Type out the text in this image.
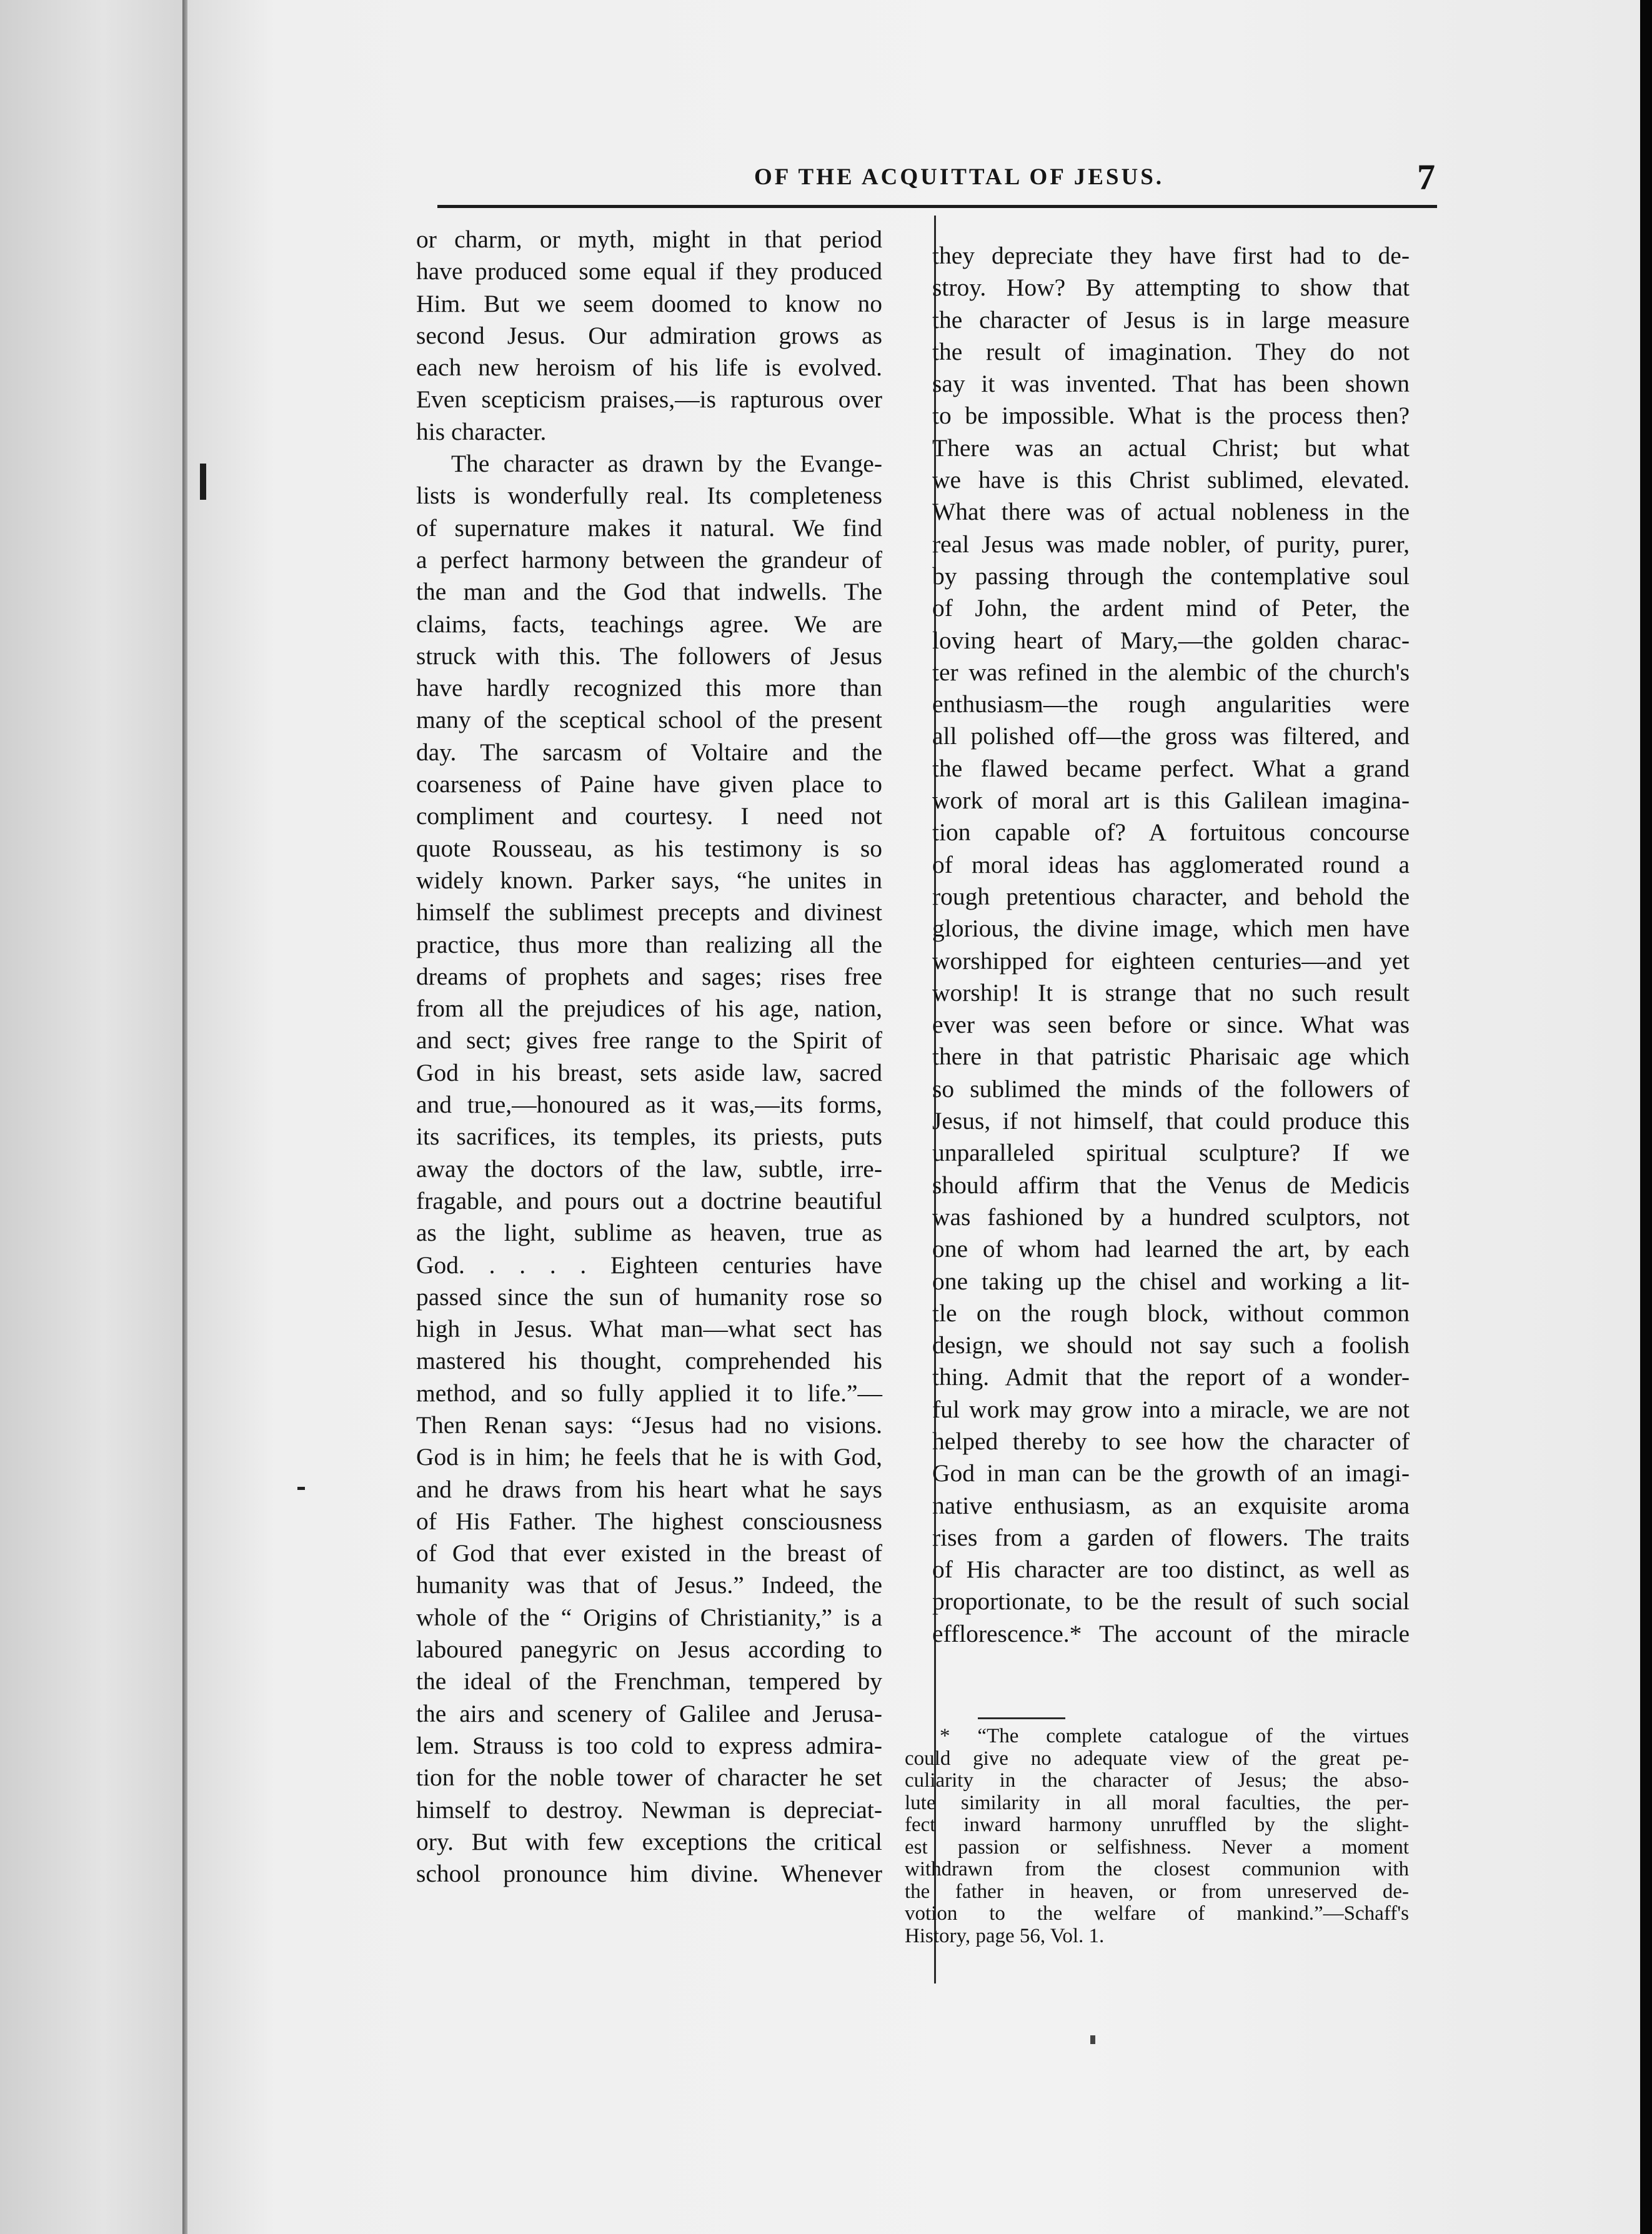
OF THE ACQUITTAL OF JESUS.	7

or charm, or myth, might in that period
have produced some equal if they produced
Him. But we seem doomed to know no
second Jesus. Our admiration grows as
each new heroism of his life is evolved.
Even scepticism praises,—is rapturous over
his character.

The character as drawn by the Evange-
lists is wonderfully real. Its completeness
of supernature makes it natural. We find
a perfect harmony between the grandeur of
the man and the God that indwells. The
claims, facts, teachings agree. We are
struck with this. The followers of Jesus
have hardly recognized this more than
many of the sceptical school of the present
day. The sarcasm of Voltaire and the
coarseness of Paine have given place to
compliment and courtesy. I need not
quote Rousseau, as his testimony is so
widely known. Parker says, “he unites in
himself the sublimest precepts and divinest
practice, thus more than realizing all the
dreams of prophets and sages; rises free
from all the prejudices of his age, nation,
and sect; gives free range to the Spirit of
God in his breast, sets aside law, sacred
and true,—honoured as it was,—its forms,
its sacrifices, its temples, its priests, puts
away the doctors of the law, subtle, irre-
fragable, and pours out a doctrine beautiful
as the light, sublime as heaven, true as
God. . . . . Eighteen centuries have
passed since the sun of humanity rose so
high in Jesus. What man—what sect has
mastered his thought, comprehended his
method, and so fully applied it to life.”—
Then Renan says: “Jesus had no visions.
God is in him; he feels that he is with God,
and he draws from his heart what he says
of His Father. The highest consciousness
of God that ever existed in the breast of
humanity was that of Jesus.” Indeed, the
whole of the “ Origins of Christianity,” is a
laboured panegyric on Jesus according to
the ideal of the Frenchman, tempered by
the airs and scenery of Galilee and Jerusa-
lem. Strauss is too cold to express admira-
tion for the noble tower of character he set
himself to destroy. Newman is depreciat-
ory. But with few exceptions the critical
school pronounce him divine. Whenever

they depreciate they have first had to de-
stroy. How? By attempting to show that
the character of Jesus is in large measure
the result of imagination. They do not
say it was invented. That has been shown
to be impossible. What is the process then?
There was an actual Christ; but what
we have is this Christ sublimed, elevated.
What there was of actual nobleness in the
real Jesus was made nobler, of purity, purer,
by passing through the contemplative soul
of John, the ardent mind of Peter, the
loving heart of Mary,—the golden charac-
ter was refined in the alembic of the church's
enthusiasm—the rough angularities were
all polished off—the gross was filtered, and
the flawed became perfect. What a grand
work of moral art is this Galilean imagina-
tion capable of? A fortuitous concourse
of moral ideas has agglomerated round a
rough pretentious character, and behold the
glorious, the divine image, which men have
worshipped for eighteen centuries—and yet
worship! It is strange that no such result
ever was seen before or since. What was
there in that patristic Pharisaic age which
so sublimed the minds of the followers of
Jesus, if not himself, that could produce this
unparalleled spiritual sculpture? If we
should affirm that the Venus de Medicis
was fashioned by a hundred sculptors, not
one of whom had learned the art, by each
one taking up the chisel and working a lit-
tle on the rough block, without common
design, we should not say such a foolish
thing. Admit that the report of a wonder-
ful work may grow into a miracle, we are not
helped thereby to see how the character of
God in man can be the growth of an imagi-
native enthusiasm, as an exquisite aroma
rises from a garden of flowers. The traits
of His character are too distinct, as well as
proportionate, to be the result of such social
efflorescence.* The account of the miracle

* “The complete catalogue of the virtues
could give no adequate view of the great pe-
culiarity in the character of Jesus; the abso-
lute similarity in all moral faculties, the per-
fect inward harmony unruffled by the slight-
est passion or selfishness. Never a moment
withdrawn from the closest communion with
the father in heaven, or from unreserved de-
votion to the welfare of mankind.”—Schaff's
History, page 56, Vol. 1.
